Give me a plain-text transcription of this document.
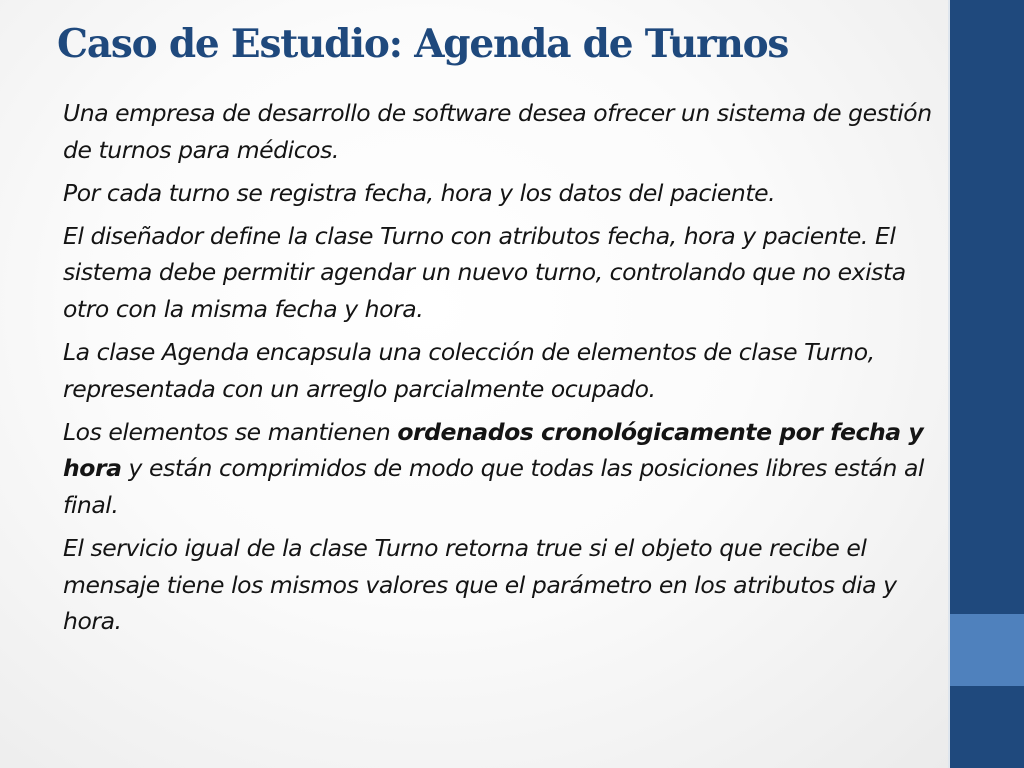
Caso de Estudio: Agenda de Turnos

Una empresa de desarrollo de software desea ofrecer un sistema de gestión de turnos para médicos.

Por cada turno se registra fecha, hora y los datos del paciente.

El diseñador define la clase Turno con atributos fecha, hora y paciente. El sistema debe permitir agendar un nuevo turno, controlando que no exista otro con la misma fecha y hora.

La clase Agenda encapsula una colección de elementos de clase Turno, representada con un arreglo parcialmente ocupado.

Los elementos se mantienen ordenados cronológicamente por fecha y hora y están comprimidos de modo que todas las posiciones libres están al final.

El servicio igual de la clase Turno retorna true si el objeto que recibe el mensaje tiene los mismos valores que el parámetro en los atributos dia y hora.
